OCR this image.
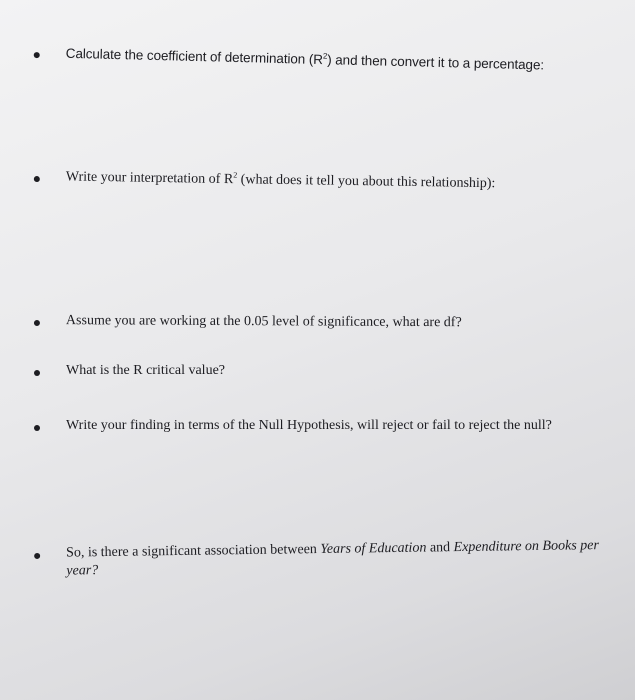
Calculate the coefficient of determination $(R^2)$ and then convert it to a percentage:
Write your interpretation of $R^2$ (what does it tell you about this relationship):
Assume you are working at the 0.05 level of significance, what are df?
What is the R critical value?
Write your finding in terms of the Null Hypothesis, will reject or fail to reject the null?
So, is there a significant association between Years of Education and Expenditure on Books per year?
